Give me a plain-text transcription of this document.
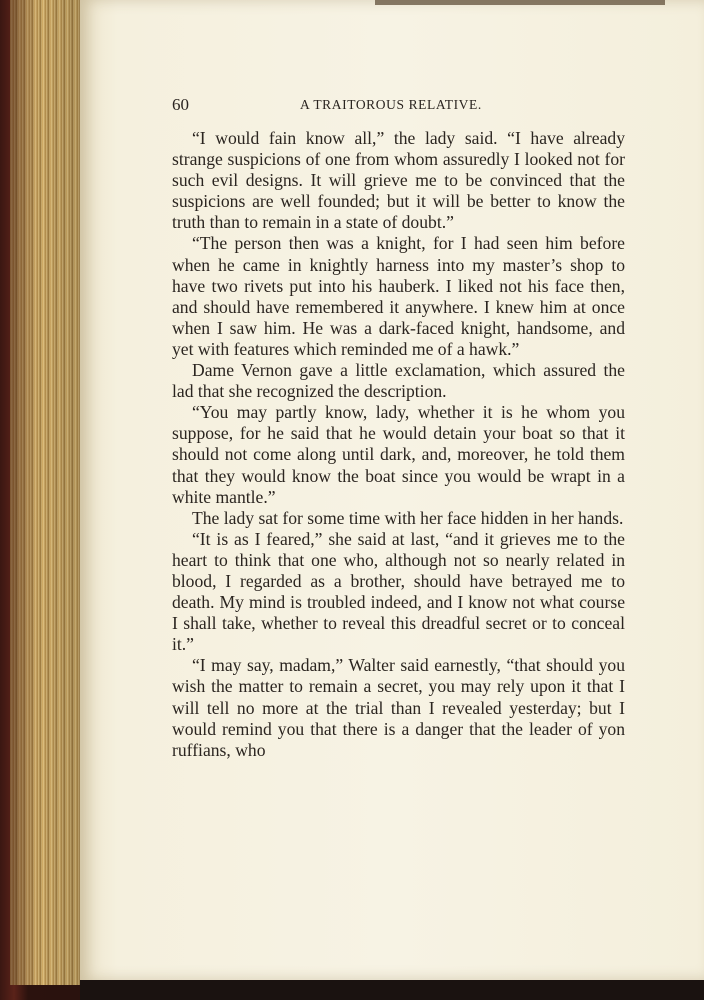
60	A TRAITOROUS RELATIVE.

“I would fain know all,” the lady said. “I have already strange suspicions of one from whom assuredly I looked not for such evil designs. It will grieve me to be convinced that the suspicions are well founded; but it will be better to know the truth than to remain in a state of doubt.”

“The person then was a knight, for I had seen him before when he came in knightly harness into my master’s shop to have two rivets put into his hauberk. I liked not his face then, and should have remembered it anywhere. I knew him at once when I saw him. He was a dark-faced knight, handsome, and yet with features which reminded me of a hawk.”

Dame Vernon gave a little exclamation, which assured the lad that she recognized the description.

“You may partly know, lady, whether it is he whom you suppose, for he said that he would detain your boat so that it should not come along until dark, and, moreover, he told them that they would know the boat since you would be wrapt in a white mantle.”

The lady sat for some time with her face hidden in her hands.

“It is as I feared,” she said at last, “and it grieves me to the heart to think that one who, although not so nearly related in blood, I regarded as a brother, should have betrayed me to death. My mind is troubled indeed, and I know not what course I shall take, whether to reveal this dreadful secret or to conceal it.”

“I may say, madam,” Walter said earnestly, “that should you wish the matter to remain a secret, you may rely upon it that I will tell no more at the trial than I revealed yesterday; but I would remind you that there is a danger that the leader of yon ruffians, who
